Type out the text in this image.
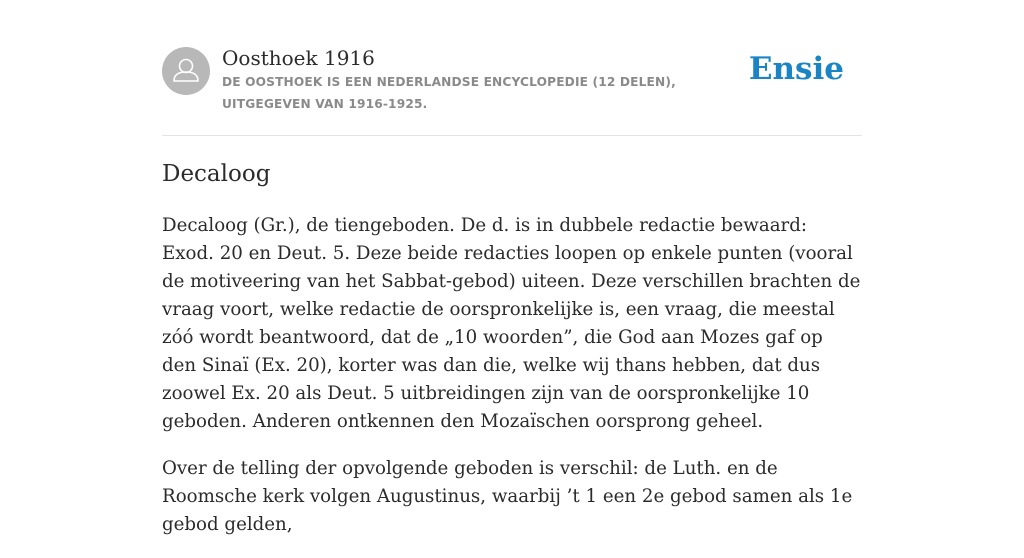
Oosthoek 1916
DE OOSTHOEK IS EEN NEDERLANDSE ENCYCLOPEDIE (12 DELEN), UITGEGEVEN VAN 1916-1925.
Ensie
Decaloog

Decaloog (Gr.), de tiengeboden. De d. is in dubbele redactie bewaard: Exod. 20 en Deut. 5. Deze beide redacties loopen op enkele punten (vooral de motiveering van het Sabbat-gebod) uiteen. Deze verschillen brachten de vraag voort, welke redactie de oorspronkelijke is, een vraag, die meestal zóó wordt beantwoord, dat de „10 woorden”, die God aan Mozes gaf op den Sinaï (Ex. 20), korter was dan die, welke wij thans hebben, dat dus zoowel Ex. 20 als Deut. 5 uitbreidingen zijn van de oorspronkelijke 10 geboden. Anderen ontkennen den Mozaïschen oorsprong geheel.

Over de telling der opvolgende geboden is verschil: de Luth. en de Roomsche kerk volgen Augustinus, waarbij ’t 1 een 2e gebod samen als 1e gebod gelden,
